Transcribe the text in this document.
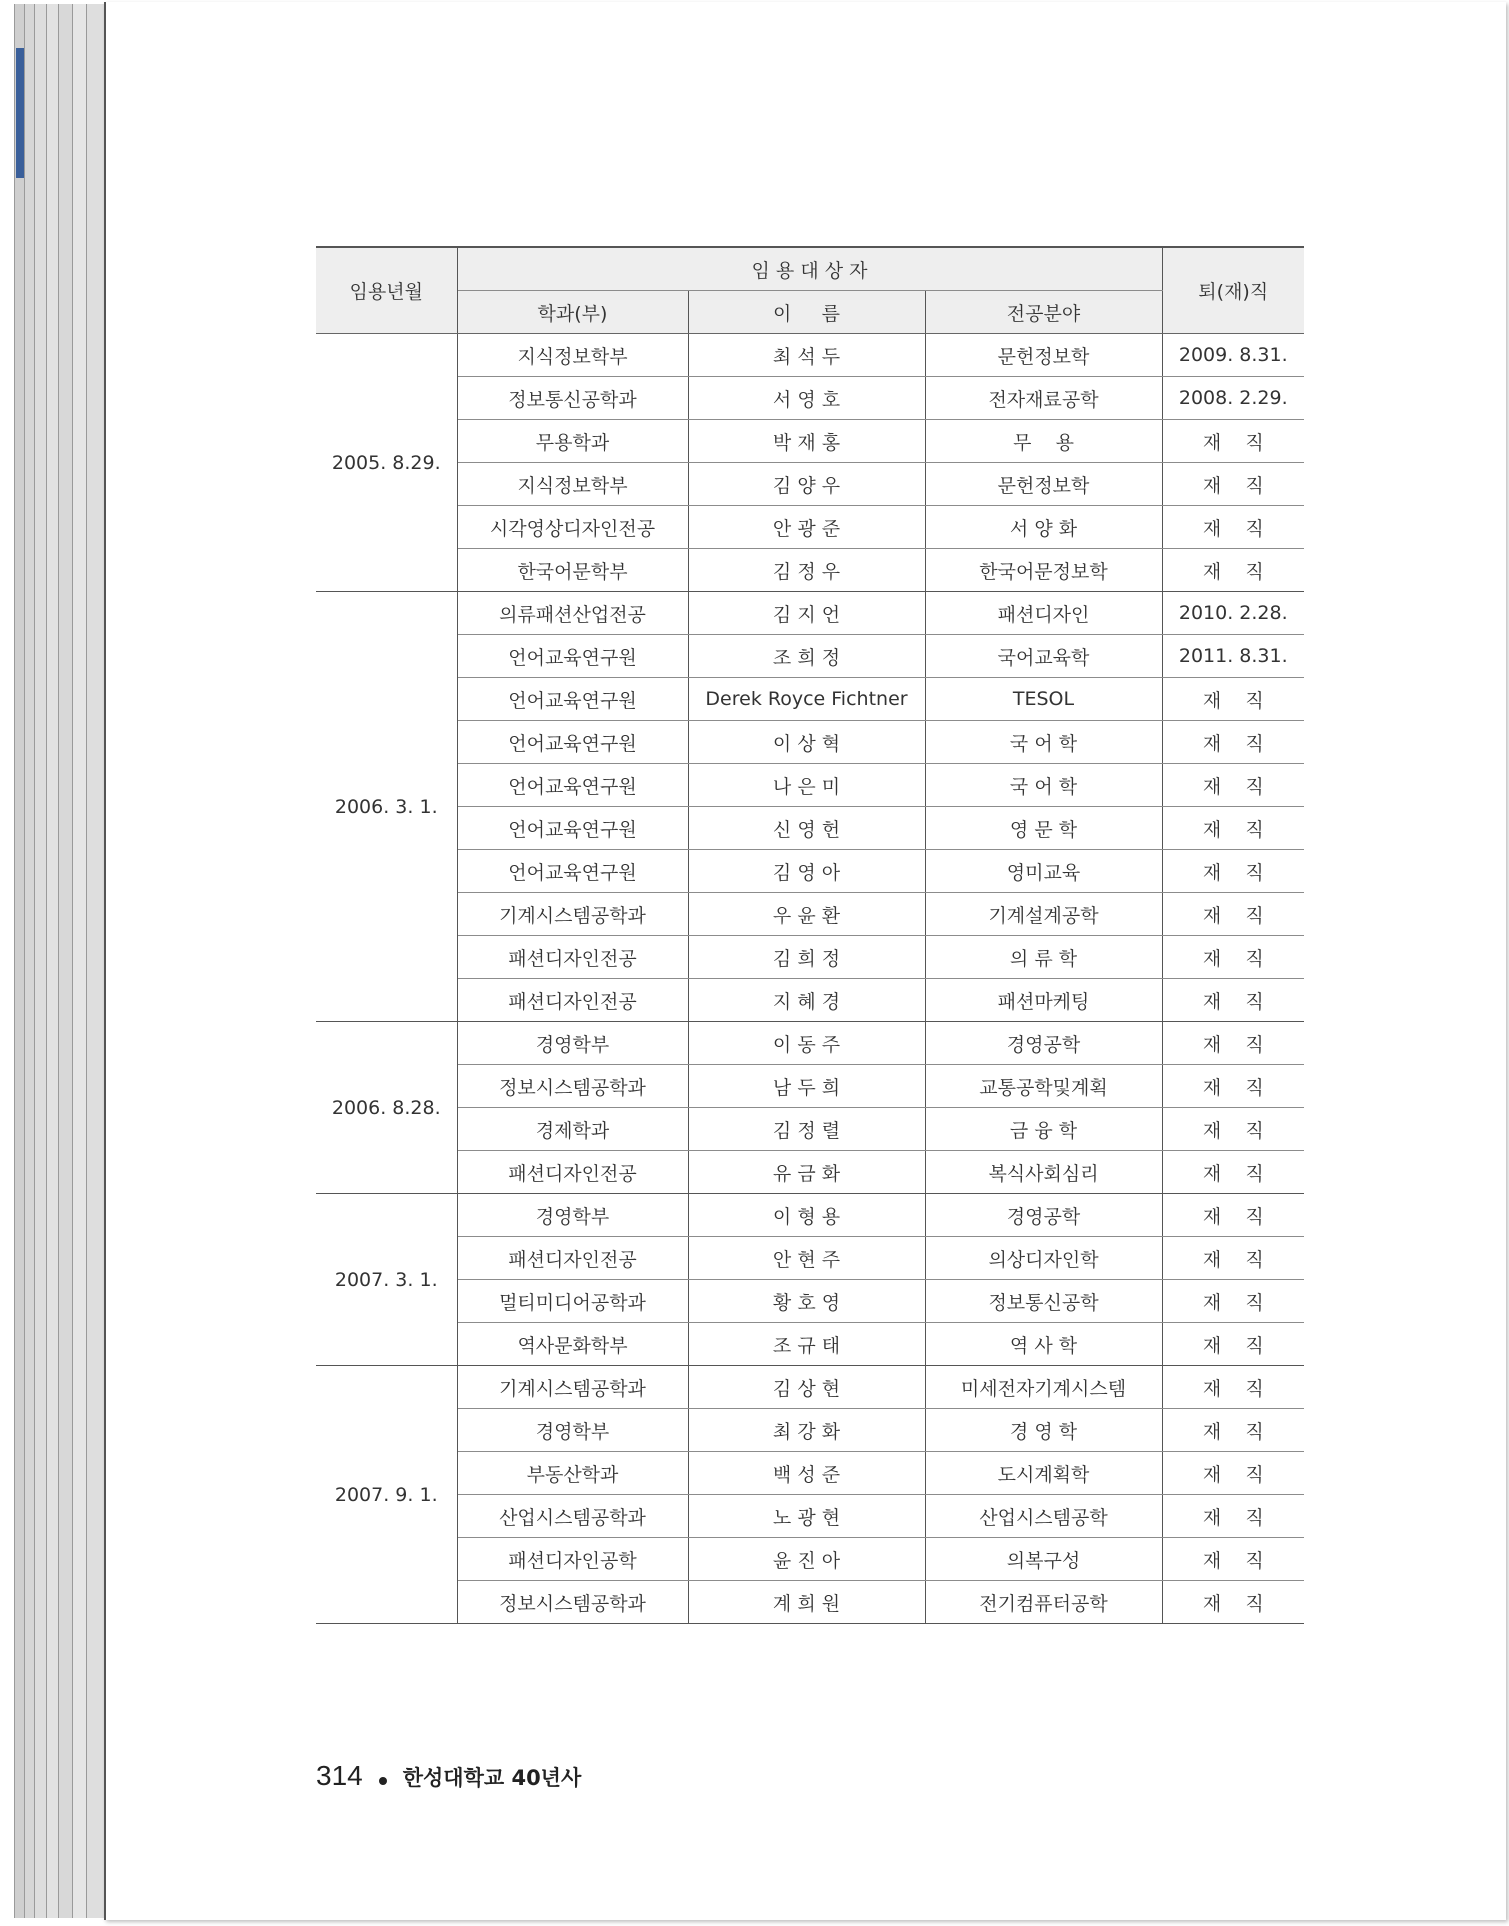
임용년월	임 용 대 상 자			퇴(재)직
	학과(부)	이     름	전공분야	
2005. 8.29.	지식정보학부	최 석 두	문헌정보학	2009. 8.31.
	정보통신공학과	서 영 호	전자재료공학	2008. 2.29.
	무용학과	박 재 홍	무    용	재    직
	지식정보학부	김 양 우	문헌정보학	재    직
	시각영상디자인전공	안 광 준	서 양 화	재    직
	한국어문학부	김 정 우	한국어문정보학	재    직
2006. 3. 1.	의류패션산업전공	김 지 언	패션디자인	2010. 2.28.
	언어교육연구원	조 희 정	국어교육학	2011. 8.31.
	언어교육연구원	Derek Royce Fichtner	TESOL	재    직
	언어교육연구원	이 상 혁	국 어 학	재    직
	언어교육연구원	나 은 미	국 어 학	재    직
	언어교육연구원	신 영 헌	영 문 학	재    직
	언어교육연구원	김 영 아	영미교육	재    직
	기계시스템공학과	우 윤 환	기계설계공학	재    직
	패션디자인전공	김 희 정	의 류 학	재    직
	패션디자인전공	지 혜 경	패션마케팅	재    직
2006. 8.28.	경영학부	이 동 주	경영공학	재    직
	정보시스템공학과	남 두 희	교통공학및계획	재    직
	경제학과	김 정 렬	금 융 학	재    직
	패션디자인전공	유 금 화	복식사회심리	재    직
2007. 3. 1.	경영학부	이 형 용	경영공학	재    직
	패션디자인전공	안 현 주	의상디자인학	재    직
	멀티미디어공학과	황 호 영	정보통신공학	재    직
	역사문화학부	조 규 태	역 사 학	재    직
2007. 9. 1.	기계시스템공학과	김 상 현	미세전자기계시스템	재    직
	경영학부	최 강 화	경 영 학	재    직
	부동산학과	백 성 준	도시계획학	재    직
	산업시스템공학과	노 광 현	산업시스템공학	재    직
	패션디자인공학	윤 진 아	의복구성	재    직
	정보시스템공학과	계 희 원	전기컴퓨터공학	재    직
314 한성대학교 40년사
